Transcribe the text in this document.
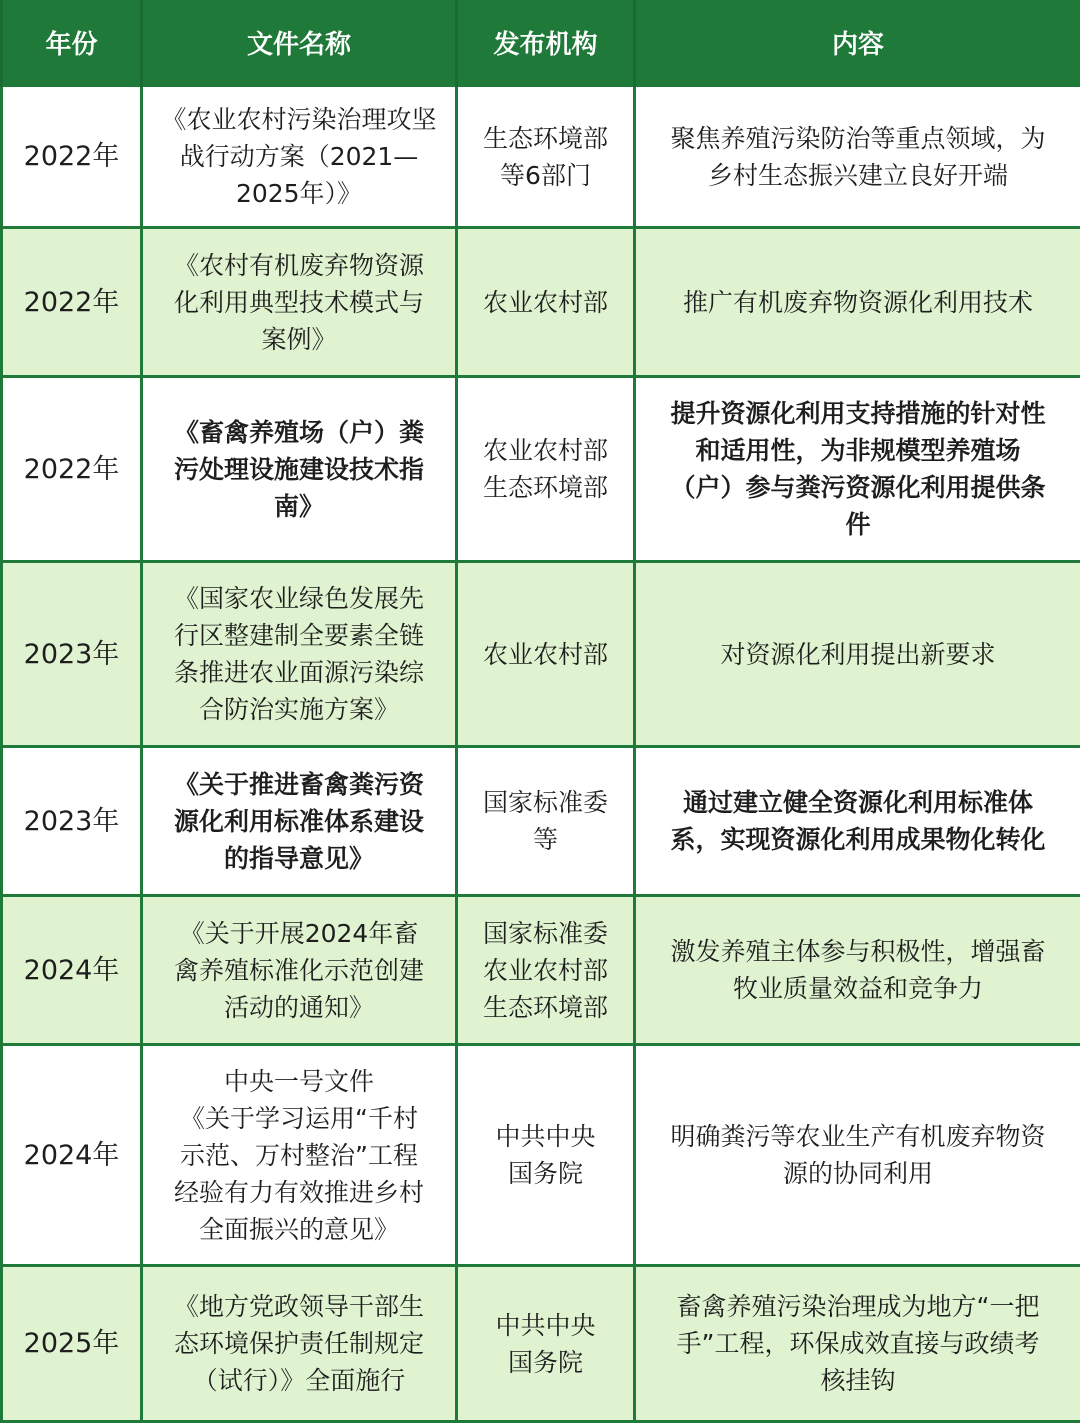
年份	文件名称	发布机构	内容
2022年	《农业农村污染治理攻坚
战行动方案（2021—
2025年）》	生态环境部
等6部门	聚焦养殖污染防治等重点领域，为
乡村生态振兴建立良好开端

2022年	《农村有机废弃物资源
化利用典型技术模式与
案例》	农业农村部	推广有机废弃物资源化利用技术

2022年	《畜禽养殖场（户）粪
污处理设施建设技术指
南》	农业农村部
生态环境部	提升资源化利用支持措施的针对性
和适用性，为非规模型养殖场
（户）参与粪污资源化利用提供条
件

2023年	《国家农业绿色发展先
行区整建制全要素全链
条推进农业面源污染综
合防治实施方案》	农业农村部	对资源化利用提出新要求

2023年	《关于推进畜禽粪污资
源化利用标准体系建设
的指导意见》	国家标准委
等	通过建立健全资源化利用标准体
系，实现资源化利用成果物化转化

2024年	《关于开展2024年畜
禽养殖标准化示范创建
活动的通知》	国家标准委
农业农村部
生态环境部	激发养殖主体参与积极性，增强畜
牧业质量效益和竞争力

2024年	中央一号文件
《关于学习运用“千村
示范、万村整治”工程
经验有力有效推进乡村
全面振兴的意见》	中共中央
国务院	明确粪污等农业生产有机废弃物资
源的协同利用

2025年	《地方党政领导干部生
态环境保护责任制规定
（试行）》全面施行	中共中央
国务院	畜禽养殖污染治理成为地方“一把
手”工程，环保成效直接与政绩考
核挂钩
